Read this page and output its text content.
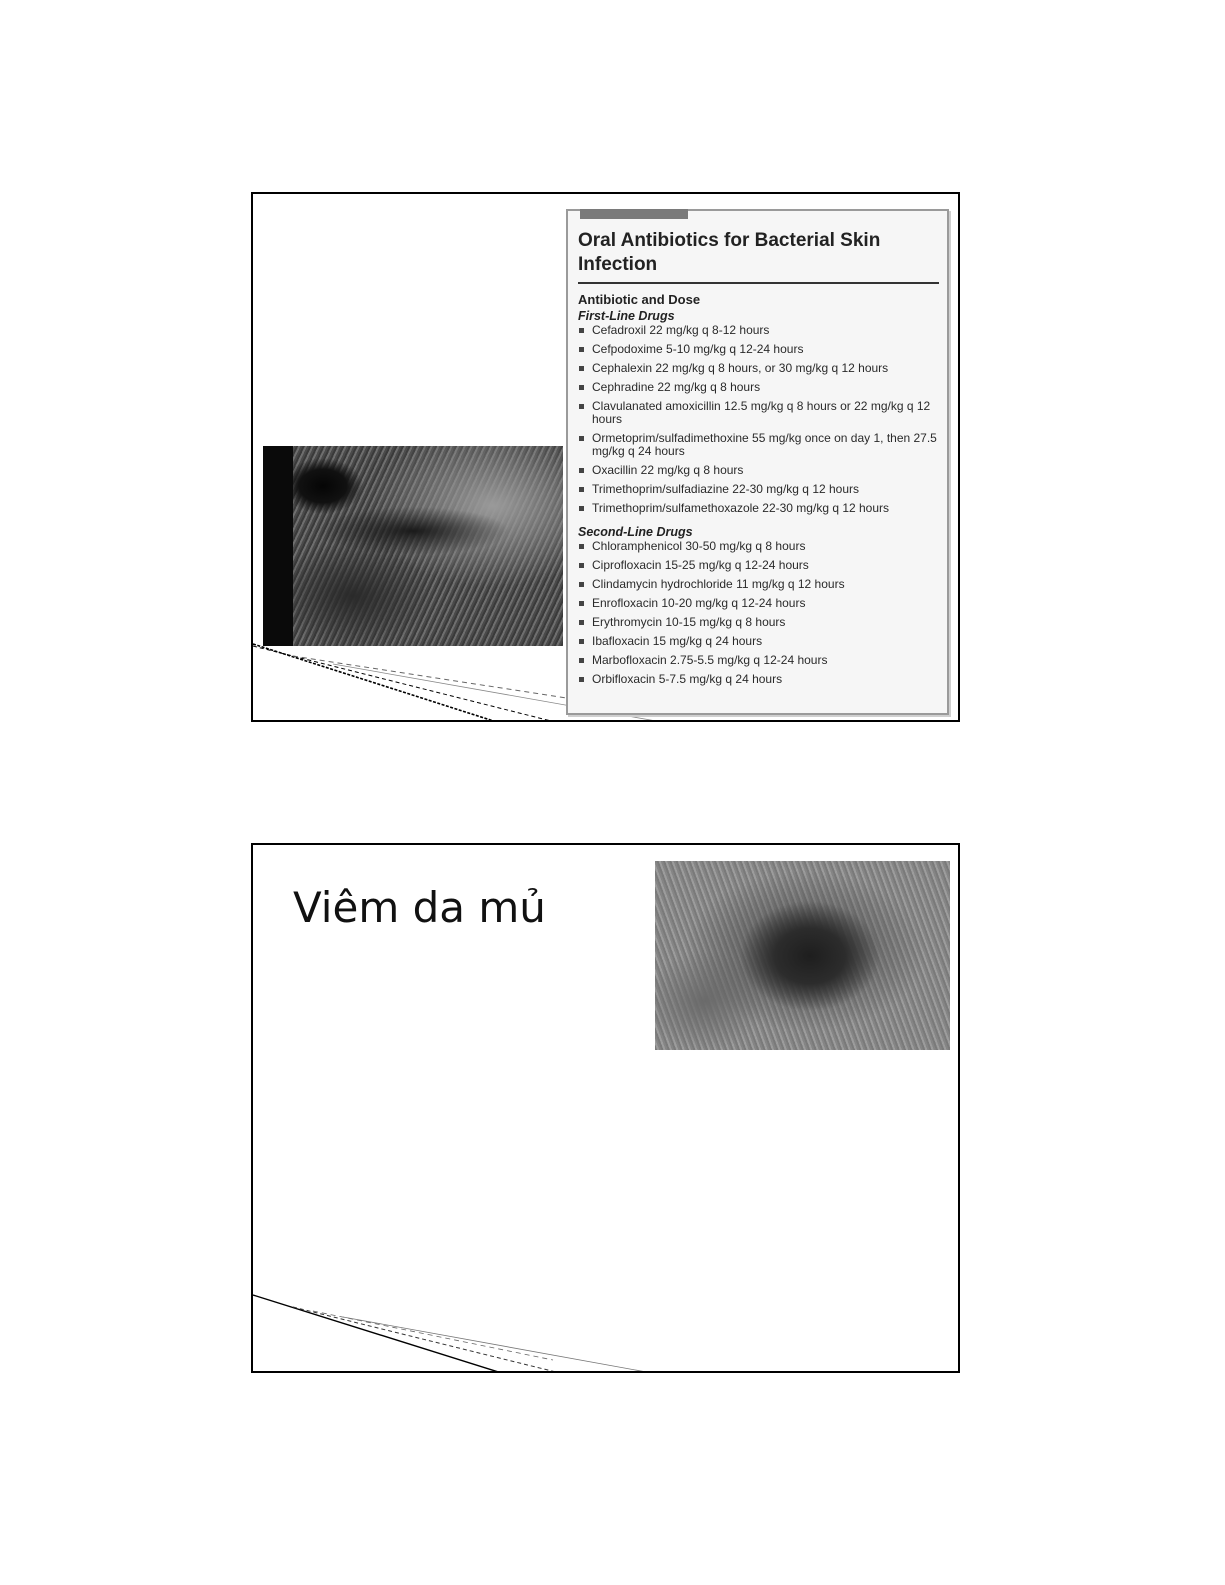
Oral Antibiotics for Bacterial Skin Infection
Antibiotic and Dose
First-Line Drugs
Cefadroxil 22 mg/kg q 8-12 hours
Cefpodoxime 5-10 mg/kg q 12-24 hours
Cephalexin 22 mg/kg q 8 hours, or 30 mg/kg q 12 hours
Cephradine 22 mg/kg q 8 hours
Clavulanated amoxicillin 12.5 mg/kg q 8 hours or 22 mg/kg q 12 hours
Ormetoprim/sulfadimethoxine 55 mg/kg once on day 1, then 27.5 mg/kg q 24 hours
Oxacillin 22 mg/kg q 8 hours
Trimethoprim/sulfadiazine 22-30 mg/kg q 12 hours
Trimethoprim/sulfamethoxazole 22-30 mg/kg q 12 hours
Second-Line Drugs
Chloramphenicol 30-50 mg/kg q 8 hours
Ciprofloxacin 15-25 mg/kg q 12-24 hours
Clindamycin hydrochloride 11 mg/kg q 12 hours
Enrofloxacin 10-20 mg/kg q 12-24 hours
Erythromycin 10-15 mg/kg q 8 hours
Ibafloxacin 15 mg/kg q 24 hours
Marbofloxacin 2.75-5.5 mg/kg q 12-24 hours
Orbifloxacin 5-7.5 mg/kg q 24 hours
Viêm da mủ
